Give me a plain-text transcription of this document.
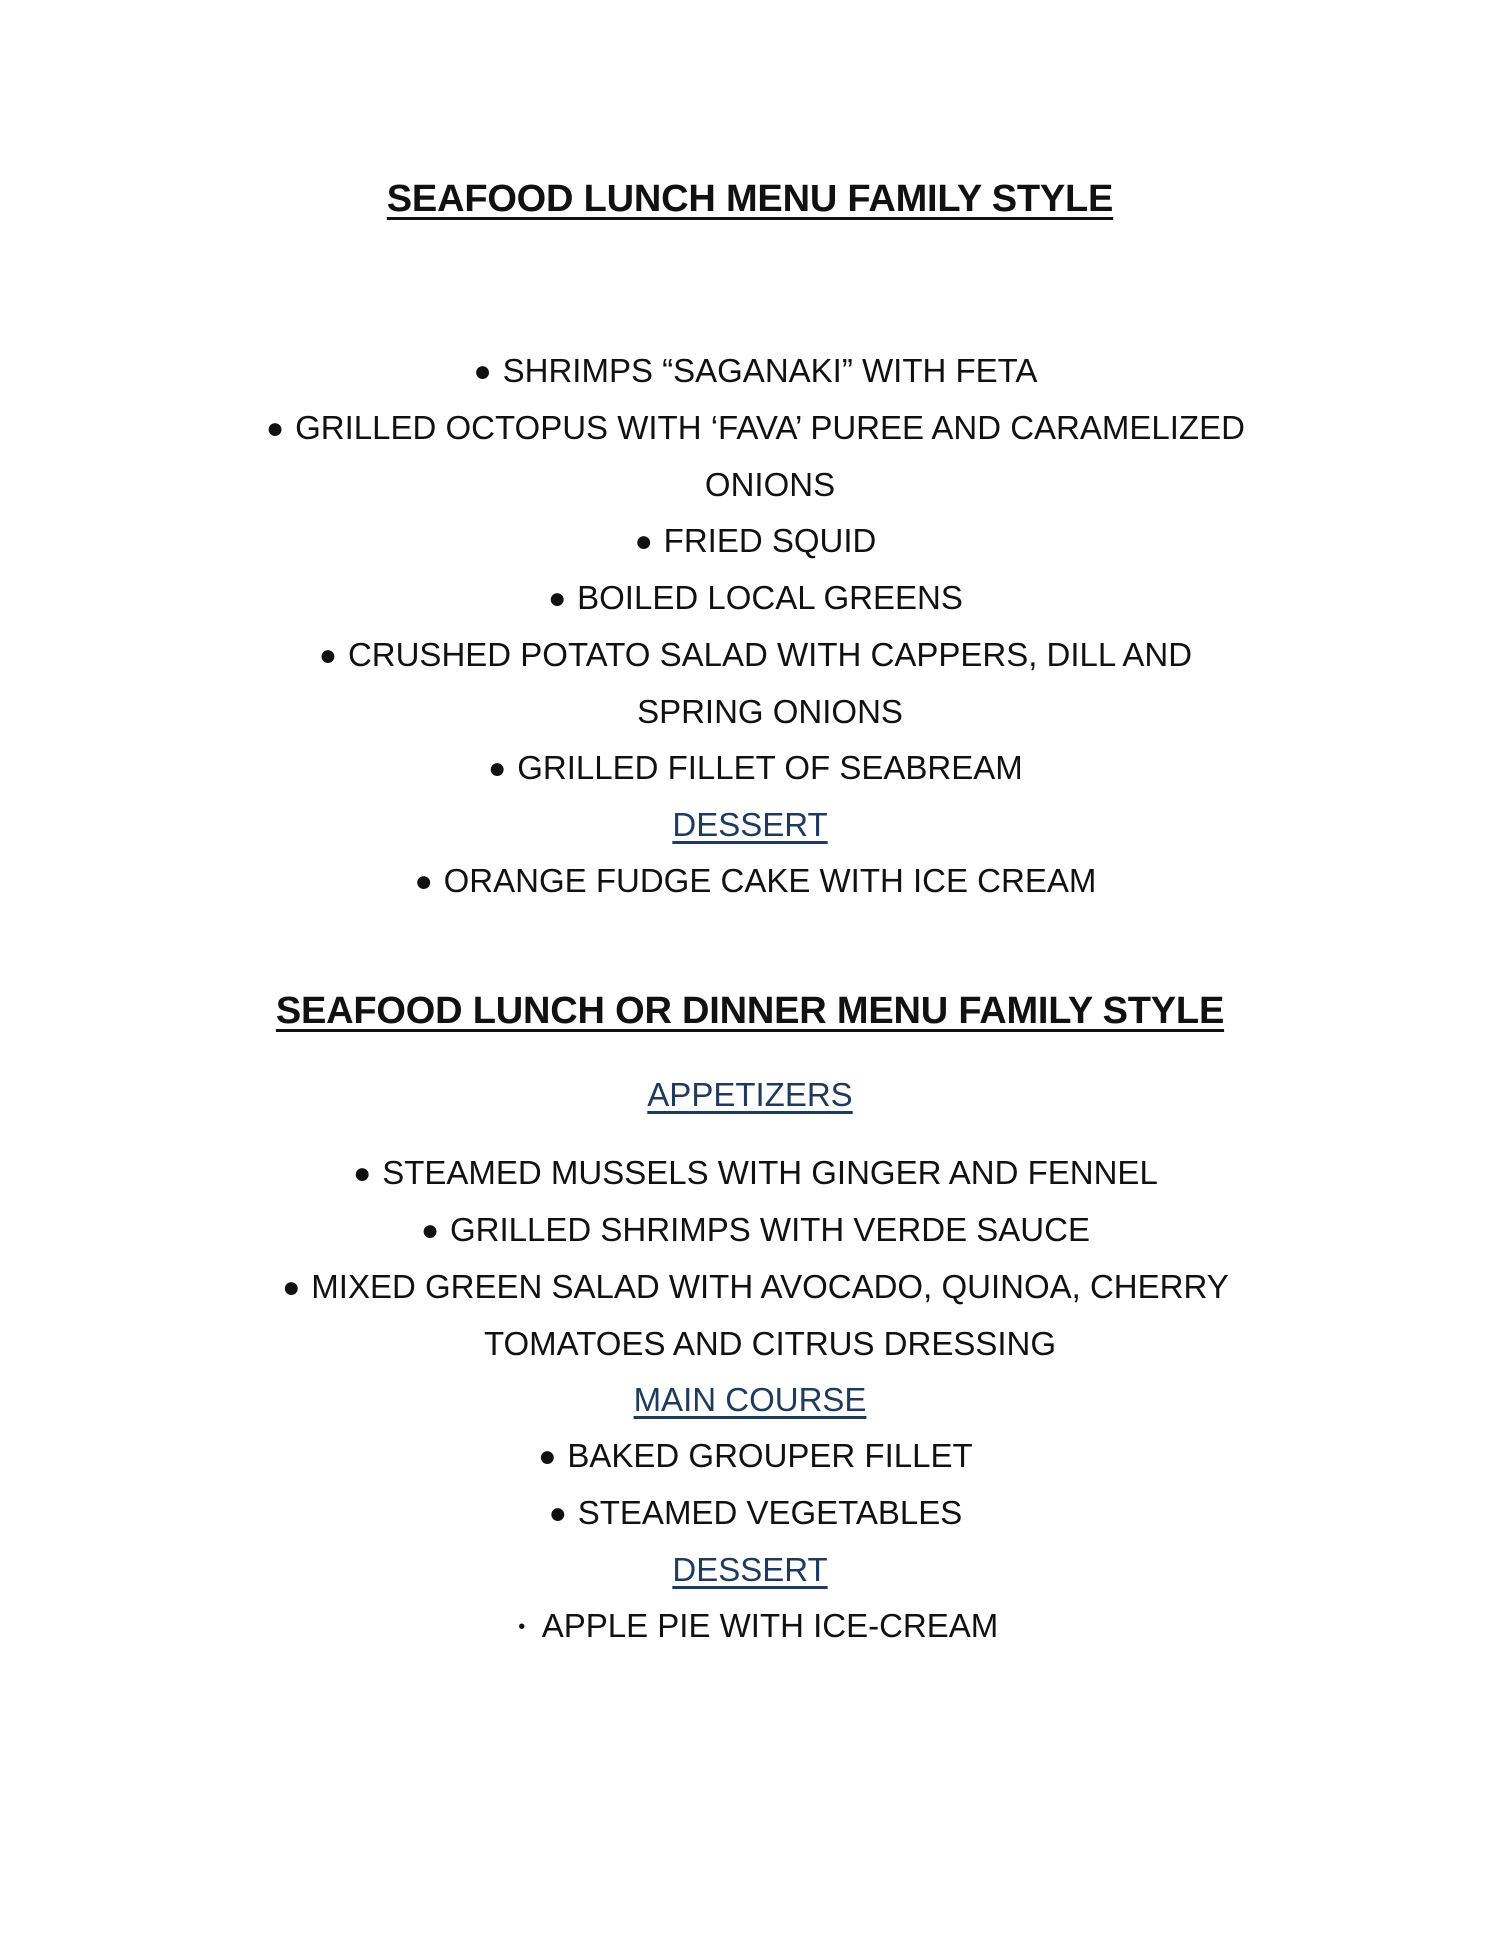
SEAFOOD LUNCH MENU FAMILY STYLE
● SHRIMPS “SAGANAKI” WITH FETA
● GRILLED OCTOPUS WITH ‘FAVA’ PUREE AND CARAMELIZED ONIONS
● FRIED SQUID
● BOILED LOCAL GREENS
● CRUSHED POTATO SALAD WITH CAPPERS, DILL AND SPRING ONIONS
● GRILLED FILLET OF SEABREAM
DESSERT
● ORANGE FUDGE CAKE WITH ICE CREAM
SEAFOOD LUNCH OR DINNER MENU FAMILY STYLE
APPETIZERS
● STEAMED MUSSELS WITH GINGER AND FENNEL
● GRILLED SHRIMPS WITH VERDE SAUCE
● MIXED GREEN SALAD WITH AVOCADO, QUINOA, CHERRY TOMATOES AND CITRUS DRESSING
MAIN COURSE
● BAKED GROUPER FILLET
● STEAMED VEGETABLES
DESSERT
• APPLE PIE WITH ICE-CREAM
